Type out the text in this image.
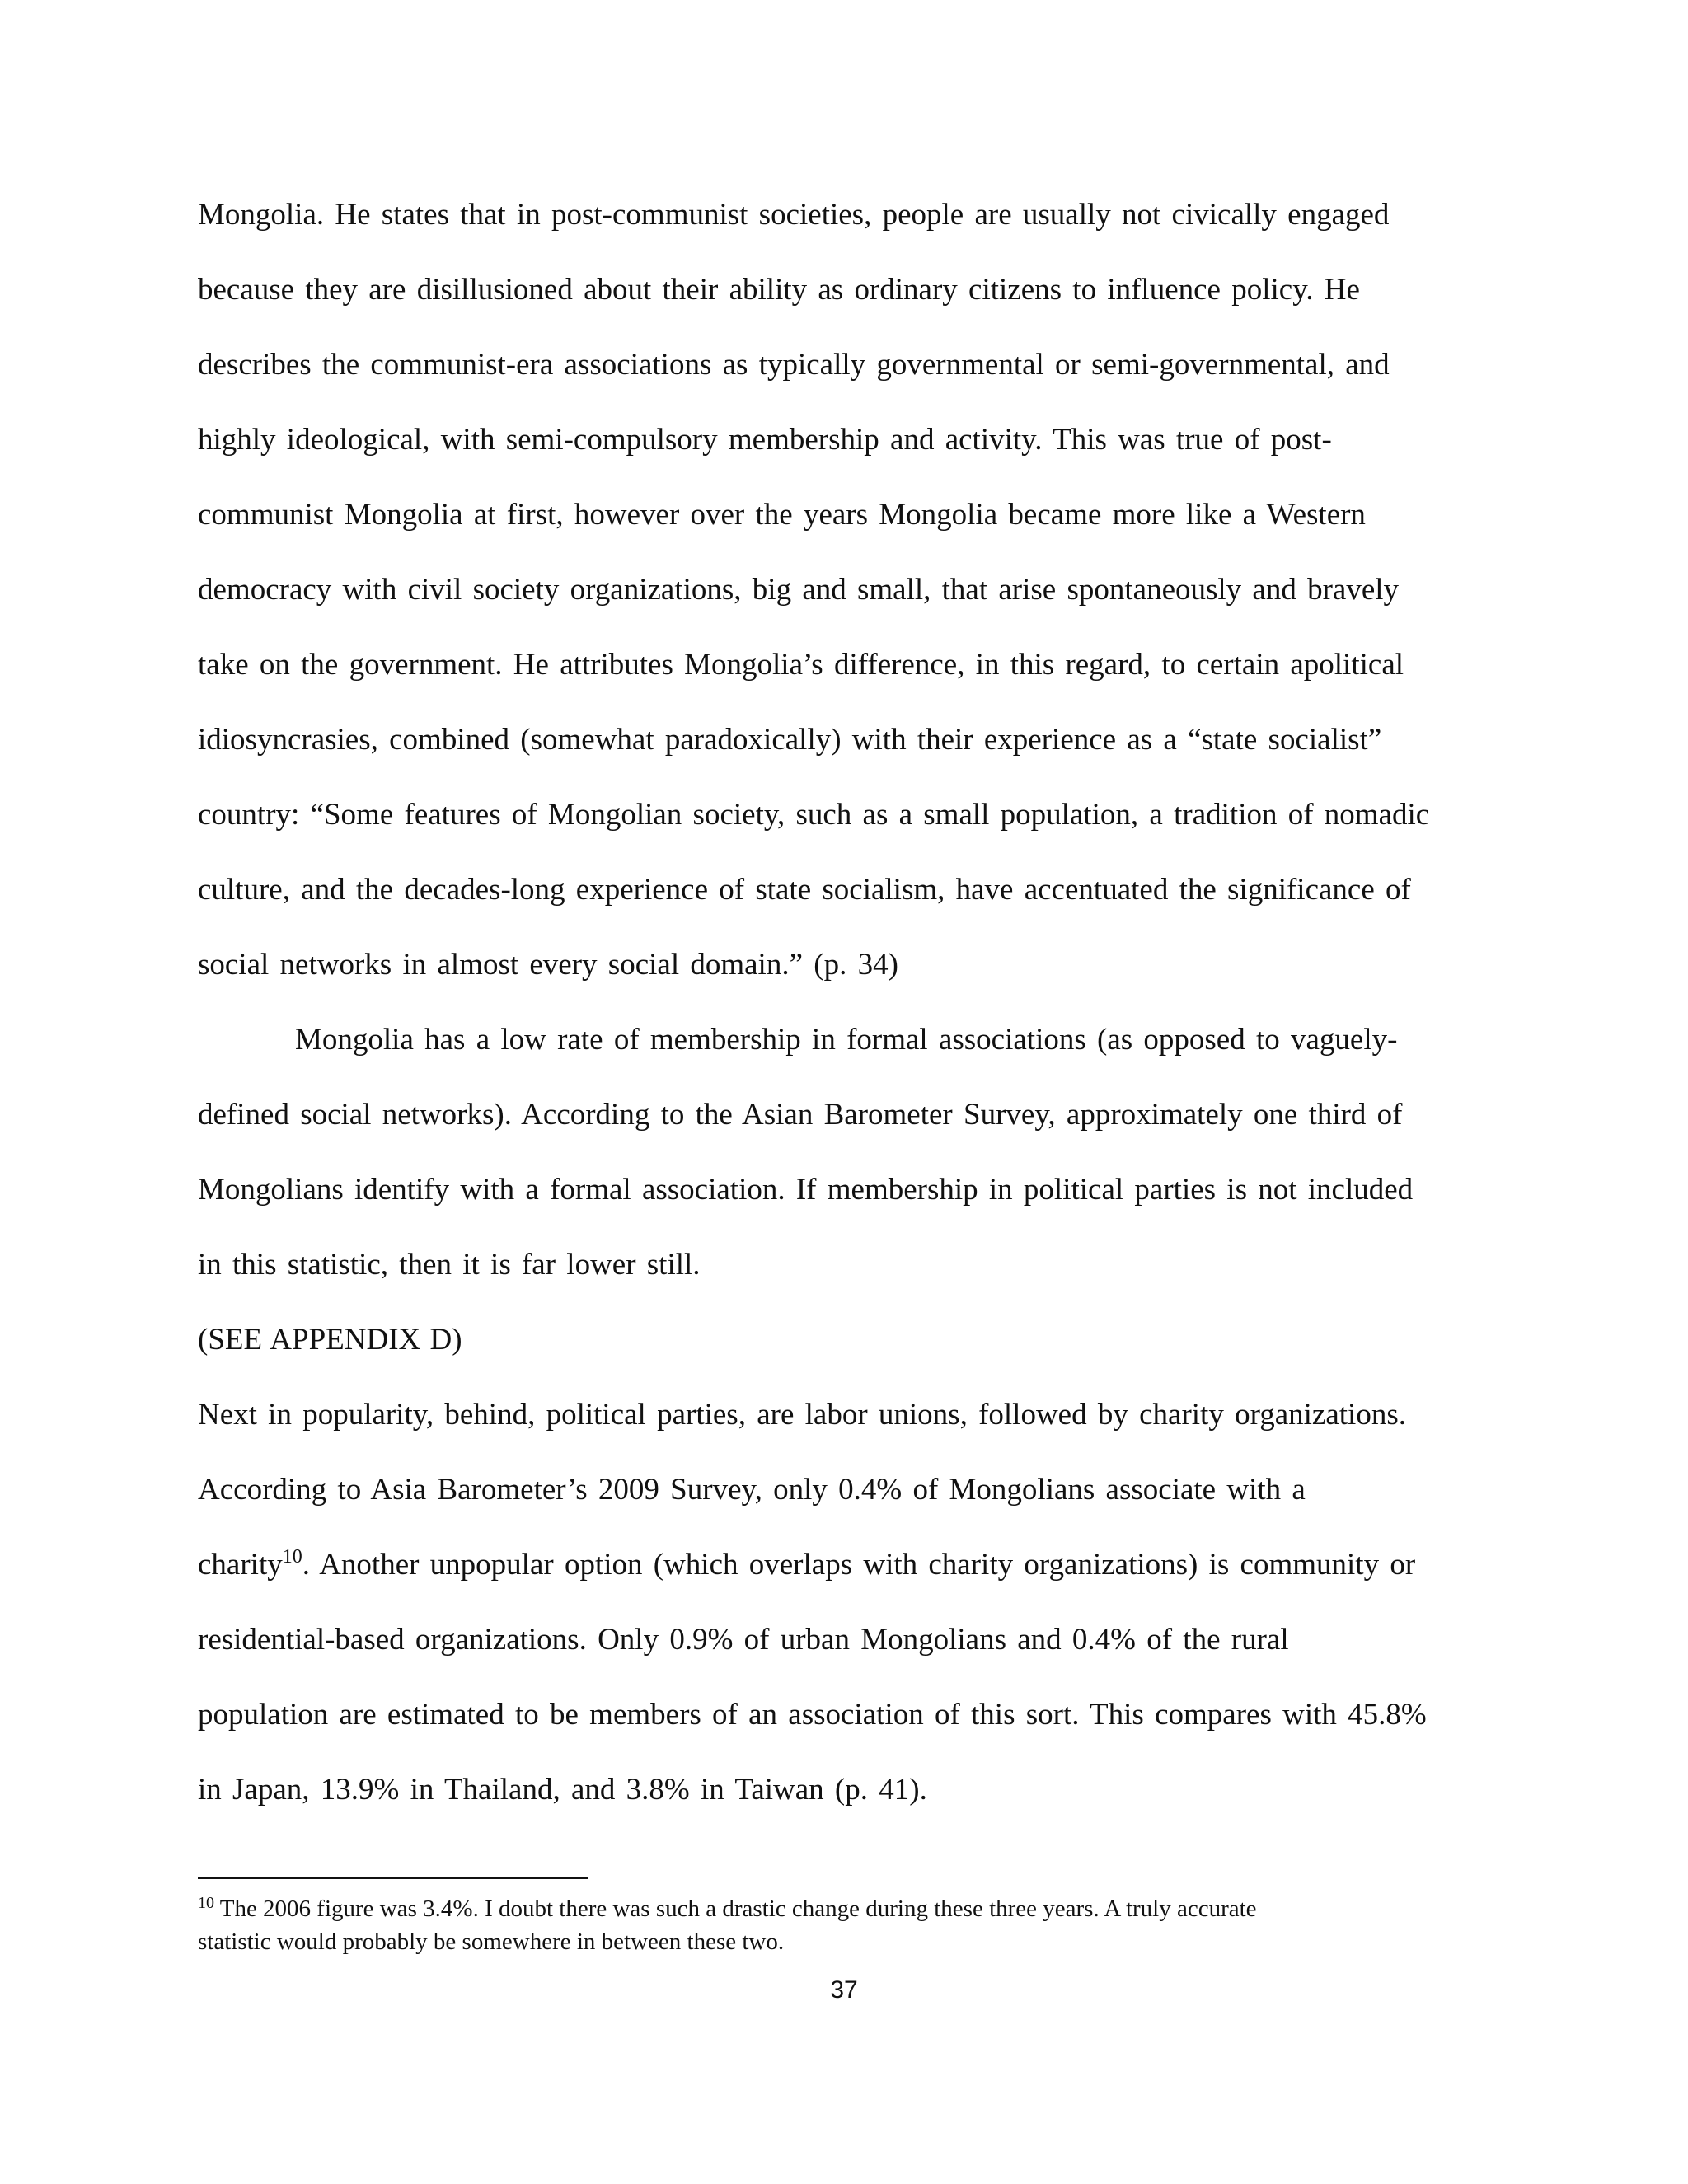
Mongolia. He states that in post-communist societies, people are usually not civically engaged
because they are disillusioned about their ability as ordinary citizens to influence policy. He
describes the communist-era associations as typically governmental or semi-governmental, and
highly ideological, with semi-compulsory membership and activity. This was true of post-
communist Mongolia at first, however over the years Mongolia became more like a Western
democracy with civil society organizations, big and small, that arise spontaneously and bravely
take on the government. He attributes Mongolia’s difference, in this regard, to certain apolitical
idiosyncrasies, combined (somewhat paradoxically) with their experience as a “state socialist”
country: “Some features of Mongolian society, such as a small population, a tradition of nomadic
culture, and the decades-long experience of state socialism, have accentuated the significance of
social networks in almost every social domain.” (p. 34)
Mongolia has a low rate of membership in formal associations (as opposed to vaguely-
defined social networks). According to the Asian Barometer Survey, approximately one third of
Mongolians identify with a formal association. If membership in political parties is not included
in this statistic, then it is far lower still.
(SEE APPENDIX D)
Next in popularity, behind, political parties, are labor unions, followed by charity organizations.
According to Asia Barometer’s 2009 Survey, only 0.4% of Mongolians associate with a
charity$^{10}$. Another unpopular option (which overlaps with charity organizations) is community or
residential-based organizations. Only 0.9% of urban Mongolians and 0.4% of the rural
population are estimated to be members of an association of this sort. This compares with 45.8%
in Japan, 13.9% in Thailand, and 3.8% in Taiwan (p. 41).
$^{10}$ The 2006 figure was 3.4%. I doubt there was such a drastic change during these three years. A truly accurate
statistic would probably be somewhere in between these two.
37
